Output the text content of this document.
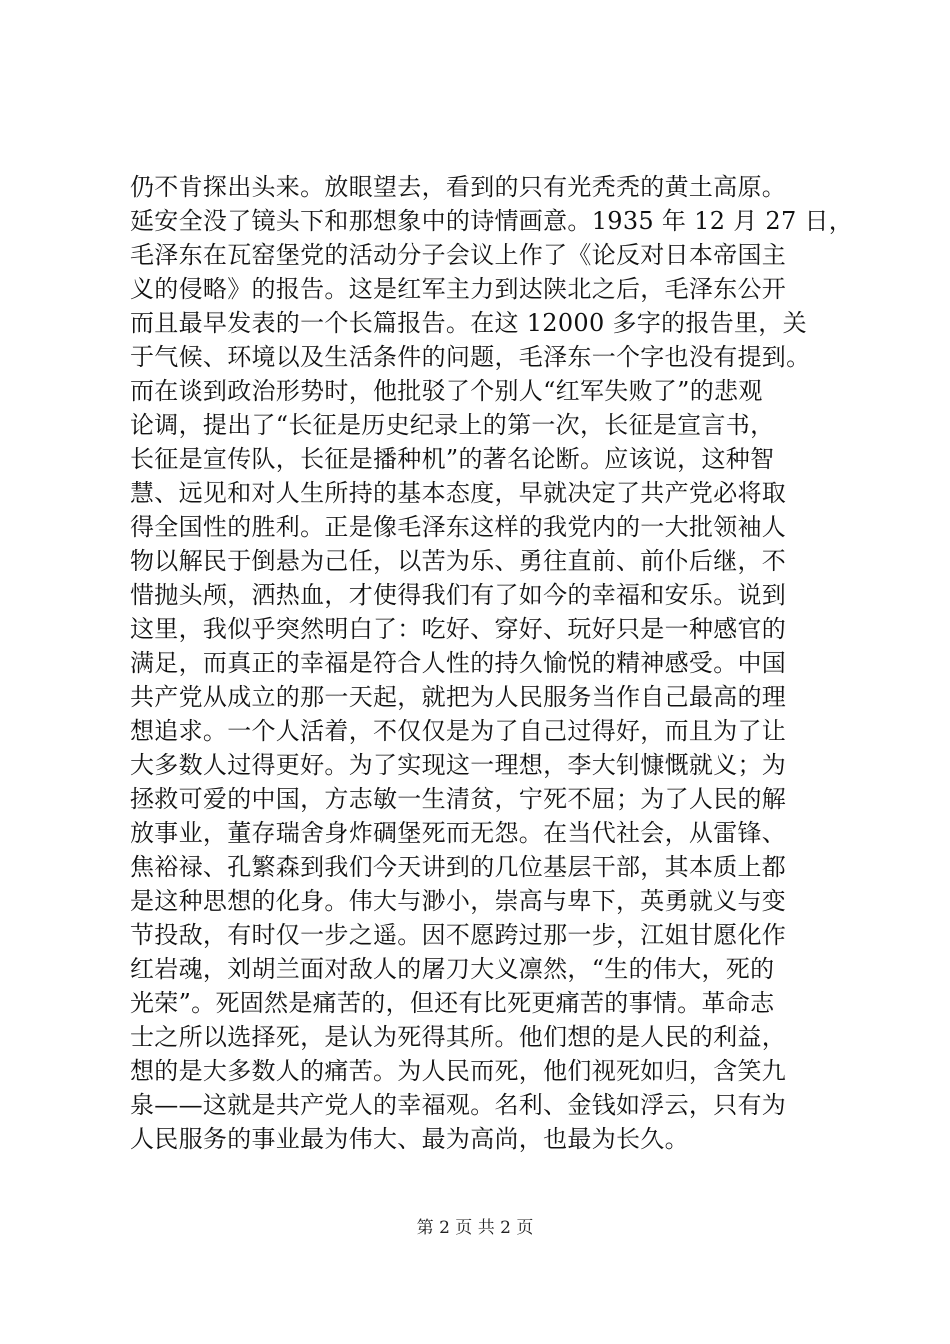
仍不肯探出头来。放眼望去，看到的只有光秃秃的黄土高原。
延安全没了镜头下和那想象中的诗情画意。1935 年 12 月 27 日，
毛泽东在瓦窑堡党的活动分子会议上作了《论反对日本帝国主
义的侵略》的报告。这是红军主力到达陕北之后，毛泽东公开
而且最早发表的一个长篇报告。在这 12000 多字的报告里，关
于气候、环境以及生活条件的问题，毛泽东一个字也没有提到。
而在谈到政治形势时，他批驳了个别人“红军失败了”的悲观
论调，提出了“长征是历史纪录上的第一次，长征是宣言书，
长征是宣传队，长征是播种机”的著名论断。应该说，这种智
慧、远见和对人生所持的基本态度，早就决定了共产党必将取
得全国性的胜利。正是像毛泽东这样的我党内的一大批领袖人
物以解民于倒悬为己任，以苦为乐、勇往直前、前仆后继，不
惜抛头颅，洒热血，才使得我们有了如今的幸福和安乐。说到
这里，我似乎突然明白了：吃好、穿好、玩好只是一种感官的
满足，而真正的幸福是符合人性的持久愉悦的精神感受。中国
共产党从成立的那一天起，就把为人民服务当作自己最高的理
想追求。一个人活着，不仅仅是为了自己过得好，而且为了让
大多数人过得更好。为了实现这一理想，李大钊慷慨就义；为
拯救可爱的中国，方志敏一生清贫，宁死不屈；为了人民的解
放事业，董存瑞舍身炸碉堡死而无怨。在当代社会，从雷锋、
焦裕禄、孔繁森到我们今天讲到的几位基层干部，其本质上都
是这种思想的化身。伟大与渺小，崇高与卑下，英勇就义与变
节投敌，有时仅一步之遥。因不愿跨过那一步，江姐甘愿化作
红岩魂，刘胡兰面对敌人的屠刀大义凛然，“生的伟大，死的
光荣”。死固然是痛苦的，但还有比死更痛苦的事情。革命志
士之所以选择死，是认为死得其所。他们想的是人民的利益，
想的是大多数人的痛苦。为人民而死，他们视死如归，含笑九
泉——这就是共产党人的幸福观。名利、金钱如浮云，只有为
人民服务的事业最为伟大、最为高尚，也最为长久。
第 2 页 共 2 页
